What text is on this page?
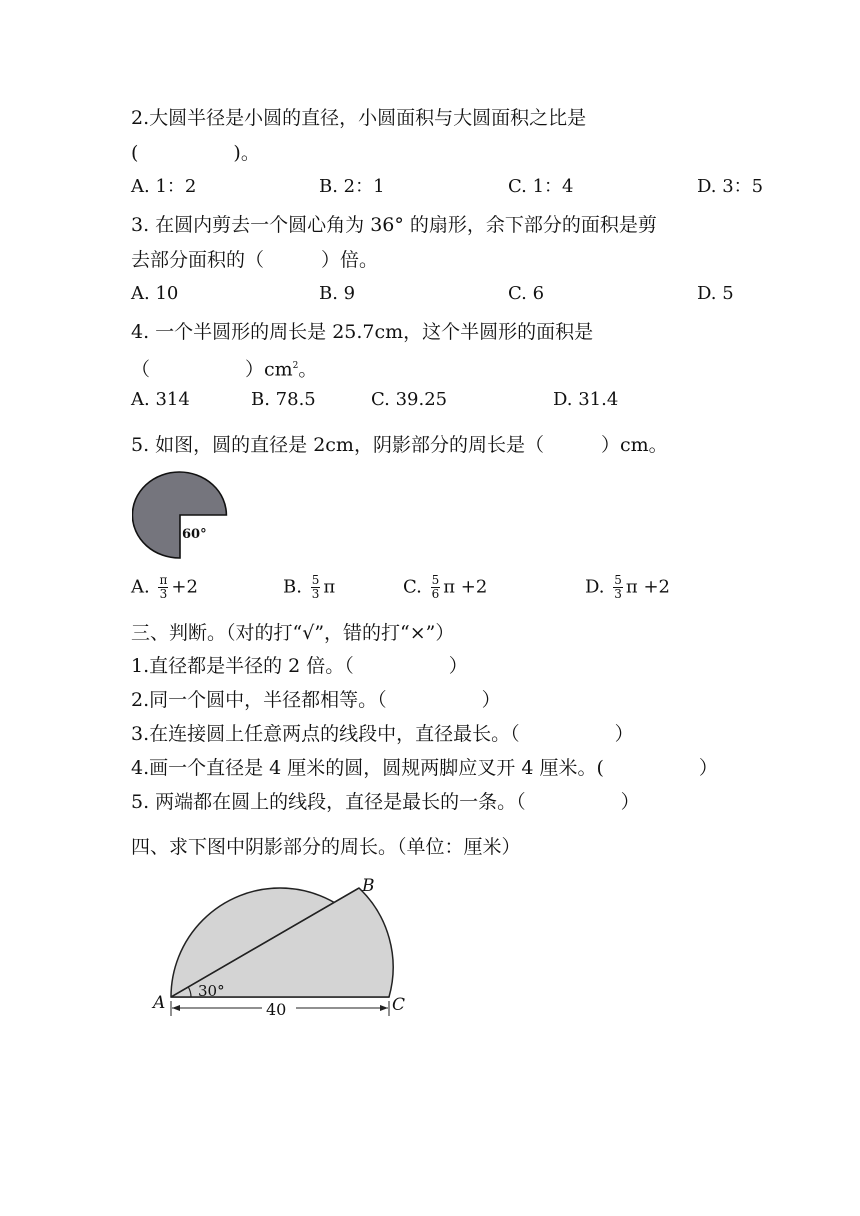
2.大圆半径是小圆的直径，小圆面积与大圆面积之比是
(　　　　　)。
A. 1：2	B. 2：1	C. 1：4	D. 3：5
3. 在圆内剪去一个圆心角为 36° 的扇形，余下部分的面积是剪
去部分面积的（　　　）倍。
A. 10	B. 9	C. 6	D. 5
4. 一个半圆形的周长是 25.7cm，这个半圆形的面积是
（　　　　　）$cm^2$。
A. 314	B. 78.5	C. 39.25	D. 31.4
5. 如图，圆的直径是 2cm，阴影部分的周长是（　　　）cm。
60°
A. $\frac{\pi}{3} +2$	B. $\frac{5}{3}$ π	C. $\frac{5}{6}$ π +2	D. $\frac{5}{3}$ π +2
三、判断。（对的打“√”，错的打“×”）
1.直径都是半径的 2 倍。（　　　　　）
2.同一个圆中，半径都相等。（　　　　　）
3.在连接圆上任意两点的线段中，直径最长。（　　　　　）
4.画一个直径是 4 厘米的圆，圆规两脚应叉开 4 厘米。(　　　　　）
5. 两端都在圆上的线段，直径是最长的一条。（　　　　　）
四、求下图中阴影部分的周长。（单位：厘米）
A
B
C
30°
40
